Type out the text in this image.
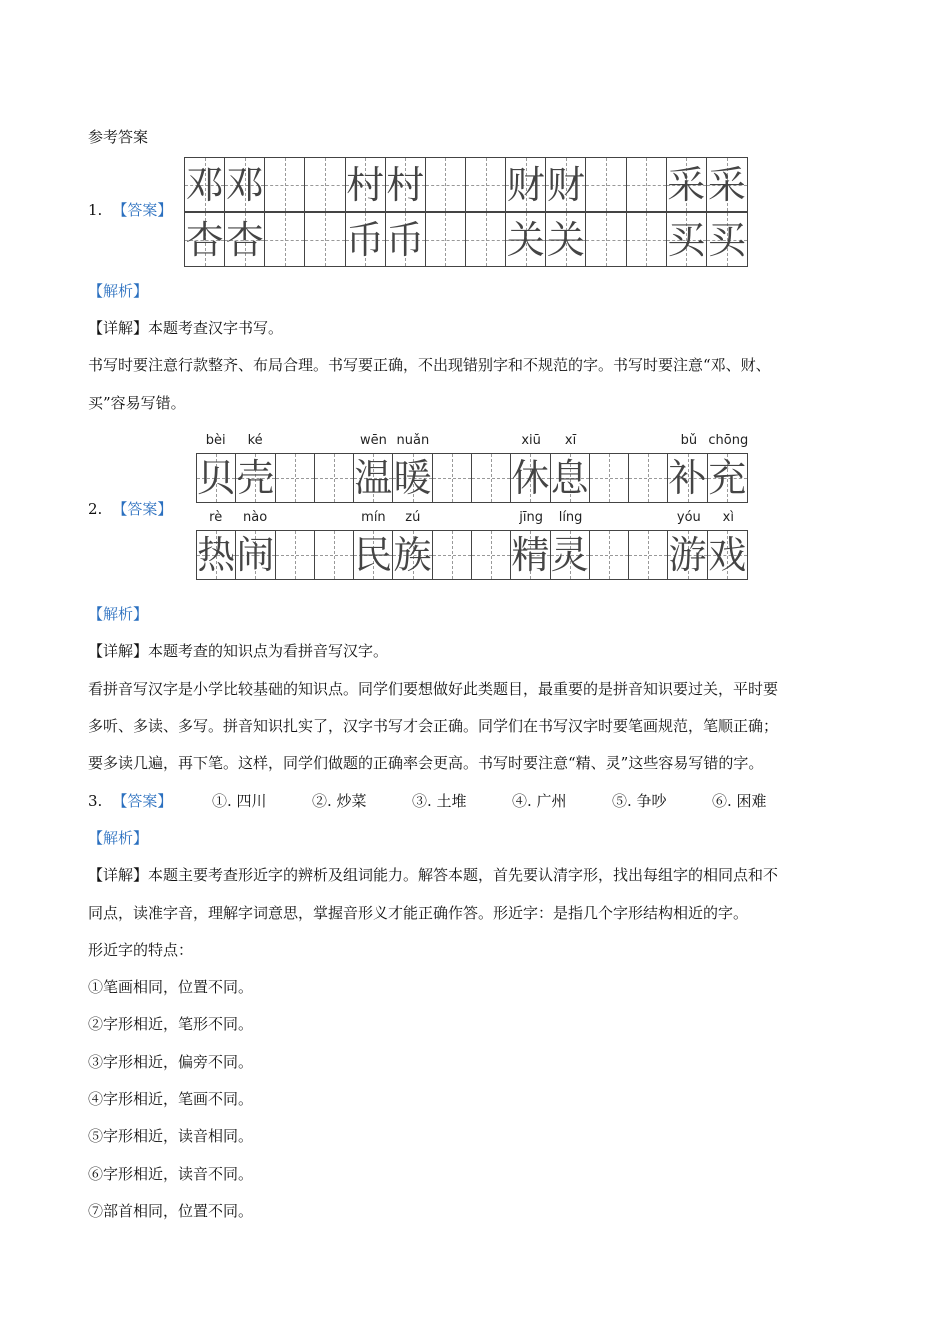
参考答案
1. 【答案】
邓 邓 村 村 财 财 采 采
杏 杏 币 币 关 关 买 买
【解析】
【详解】本题考查汉字书写。
书写时要注意行款整齐、布局合理。书写要正确，不出现错别字和不规范的字。书写时要注意“邓、财、
买”容易写错。
2. 【答案】
bèi	ké	wēn nuǎn	xiū	xī	bǔ chōng
贝 壳 温 暖 休 息 补 充
rè	nào	mín	zú	jīng	líng	yóu	xì
热 闹 民 族 精 灵 游 戏
【解析】
【详解】本题考查的知识点为看拼音写汉字。
看拼音写汉字是小学比较基础的知识点。同学们要想做好此类题目，最重要的是拼音知识要过关，平时要
多听、多读、多写。拼音知识扎实了，汉字书写才会正确。同学们在书写汉字时要笔画规范，笔顺正确；
要多读几遍，再下笔。这样，同学们做题的正确率会更高。书写时要注意“精、灵”这些容易写错的字。
3. 【答案】	①. 四川	②. 炒菜	③. 土堆	④. 广州	⑤. 争吵	⑥. 困难
【解析】
【详解】本题主要考查形近字的辨析及组词能力。解答本题，首先要认清字形，找出每组字的相同点和不
同点，读准字音，理解字词意思，掌握音形义才能正确作答。形近字：是指几个字形结构相近的字。
形近字的特点：
①笔画相同，位置不同。
②字形相近，笔形不同。
③字形相近，偏旁不同。
④字形相近，笔画不同。
⑤字形相近，读音相同。
⑥字形相近，读音不同。
⑦部首相同，位置不同。
